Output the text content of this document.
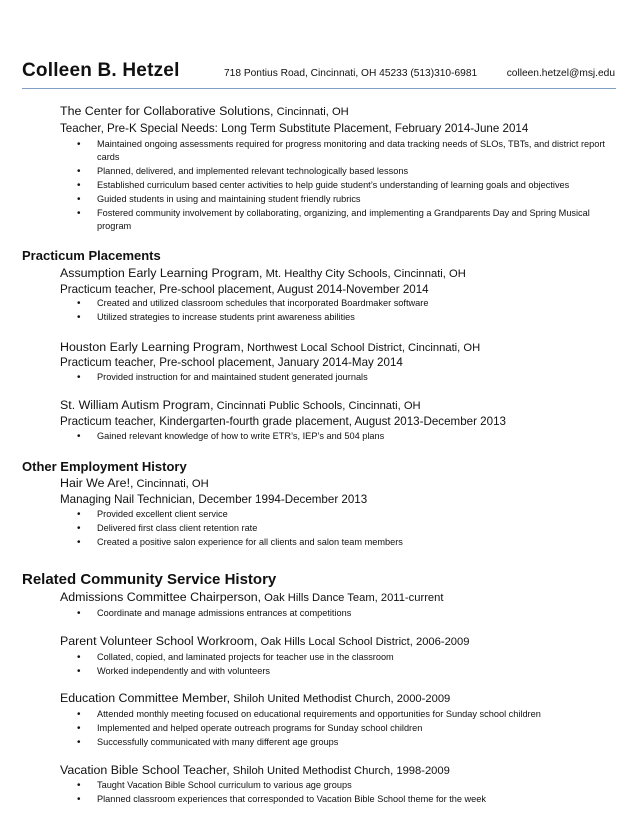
Colleen B. Hetzel	718 Pontius Road, Cincinnati, OH 45233 (513)310-6981	colleen.hetzel@msj.edu
The Center for Collaborative Solutions, Cincinnati, OH
Teacher, Pre-K Special Needs: Long Term Substitute Placement, February 2014-June 2014
• Maintained ongoing assessments required for progress monitoring and data tracking needs of SLOs, TBTs, and district report cards
• Planned, delivered, and implemented relevant technologically based lessons
• Established curriculum based center activities to help guide student’s understanding of learning goals and objectives
• Guided students in using and maintaining student friendly rubrics
• Fostered community involvement by collaborating, organizing, and implementing a Grandparents Day and Spring Musical program
Practicum Placements
Assumption Early Learning Program, Mt. Healthy City Schools, Cincinnati, OH
Practicum teacher, Pre-school placement, August 2014-November 2014
• Created and utilized classroom schedules that incorporated Boardmaker software
• Utilized strategies to increase students print awareness abilities
Houston Early Learning Program, Northwest Local School District, Cincinnati, OH
Practicum teacher, Pre-school placement, January 2014-May 2014
• Provided instruction for and maintained student generated journals
St. William Autism Program, Cincinnati Public Schools, Cincinnati, OH
Practicum teacher, Kindergarten-fourth grade placement, August 2013-December 2013
• Gained relevant knowledge of how to write ETR’s, IEP’s and 504 plans
Other Employment History
Hair We Are!, Cincinnati, OH
Managing Nail Technician, December 1994-December 2013
• Provided excellent client service
• Delivered first class client retention rate
• Created a positive salon experience for all clients and salon team members
Related Community Service History
Admissions Committee Chairperson, Oak Hills Dance Team, 2011-current
• Coordinate and manage admissions entrances at competitions
Parent Volunteer School Workroom, Oak Hills Local School District, 2006-2009
• Collated, copied, and laminated projects for teacher use in the classroom
• Worked independently and with volunteers
Education Committee Member, Shiloh United Methodist Church, 2000-2009
• Attended monthly meeting focused on educational requirements and opportunities for Sunday school children
• Implemented and helped operate outreach programs for Sunday school children
• Successfully communicated with many different age groups
Vacation Bible School Teacher, Shiloh United Methodist Church, 1998-2009
• Taught Vacation Bible School curriculum to various age groups
• Planned classroom experiences that corresponded to Vacation Bible School theme for the week
